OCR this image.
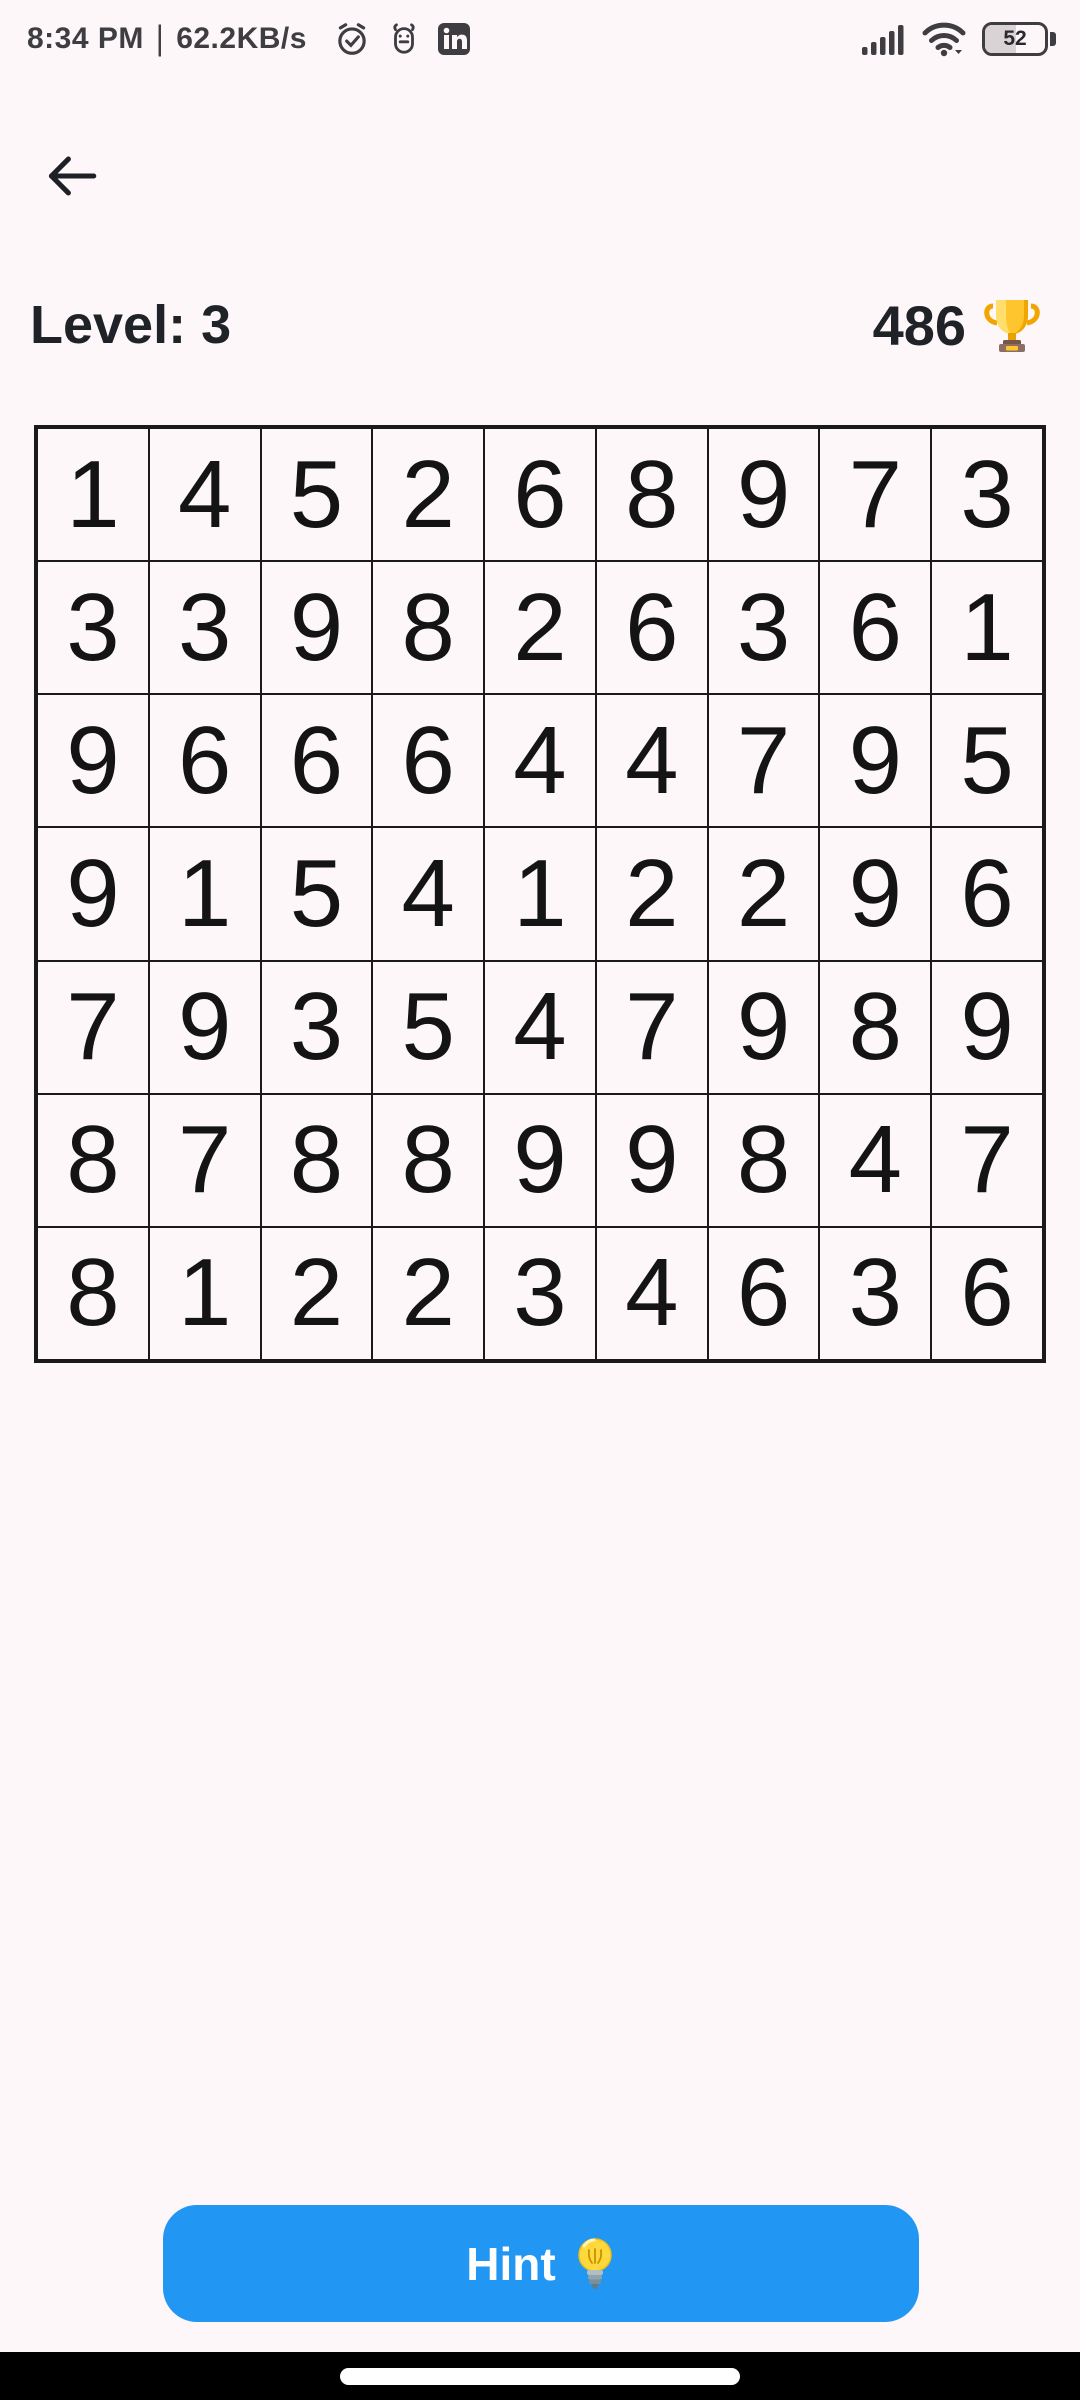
8:34 PM | 62.2KB/s	52
Level: 3	486
1 4 5 2 6 8 9 7 3
3 3 9 8 2 6 3 6 1
9 6 6 6 4 4 7 9 5
9 1 5 4 1 2 2 9 6
7 9 3 5 4 7 9 8 9
8 7 8 8 9 9 8 4 7
8 1 2 2 3 4 6 3 6
Hint
